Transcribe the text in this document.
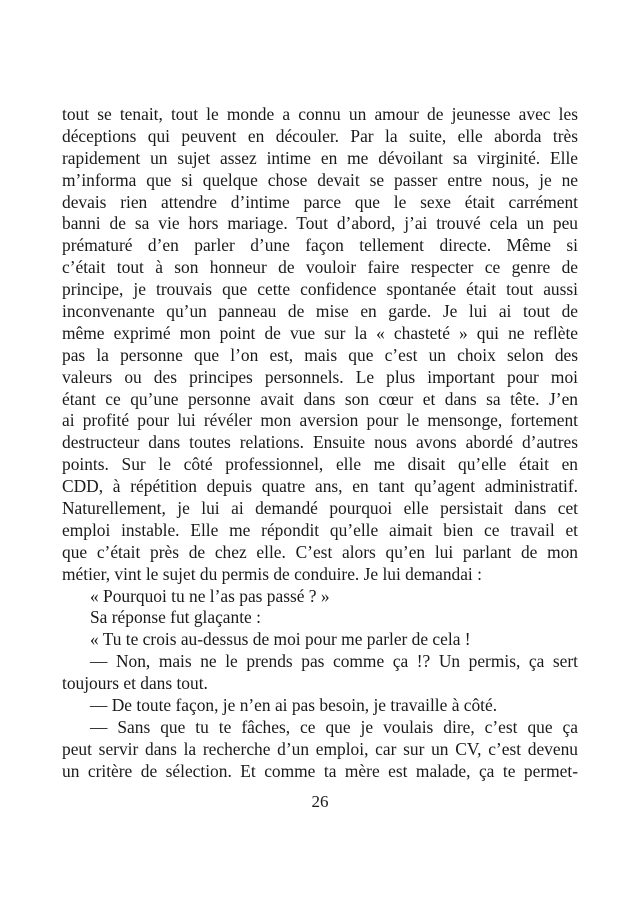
tout se tenait, tout le monde a connu un amour de jeunesse avec les
déceptions qui peuvent en découler. Par la suite, elle aborda très
rapidement un sujet assez intime en me dévoilant sa virginité. Elle
m’informa que si quelque chose devait se passer entre nous, je ne
devais rien attendre d’intime parce que le sexe était carrément
banni de sa vie hors mariage. Tout d’abord, j’ai trouvé cela un peu
prématuré d’en parler d’une façon tellement directe. Même si
c’était tout à son honneur de vouloir faire respecter ce genre de
principe, je trouvais que cette confidence spontanée était tout aussi
inconvenante qu’un panneau de mise en garde. Je lui ai tout de
même exprimé mon point de vue sur la « chasteté » qui ne reflète
pas la personne que l’on est, mais que c’est un choix selon des
valeurs ou des principes personnels. Le plus important pour moi
étant ce qu’une personne avait dans son cœur et dans sa tête. J’en
ai profité pour lui révéler mon aversion pour le mensonge, fortement
destructeur dans toutes relations. Ensuite nous avons abordé d’autres
points. Sur le côté professionnel, elle me disait qu’elle était en
CDD, à répétition depuis quatre ans, en tant qu’agent administratif.
Naturellement, je lui ai demandé pourquoi elle persistait dans cet
emploi instable. Elle me répondit qu’elle aimait bien ce travail et
que c’était près de chez elle. C’est alors qu’en lui parlant de mon
métier, vint le sujet du permis de conduire. Je lui demandai :
« Pourquoi tu ne l’as pas passé ? »
Sa réponse fut glaçante :
« Tu te crois au-dessus de moi pour me parler de cela !
— Non, mais ne le prends pas comme ça !? Un permis, ça sert
toujours et dans tout.
— De toute façon, je n’en ai pas besoin, je travaille à côté.
— Sans que tu te fâches, ce que je voulais dire, c’est que ça
peut servir dans la recherche d’un emploi, car sur un CV, c’est devenu
un critère de sélection. Et comme ta mère est malade, ça te permet-
26
